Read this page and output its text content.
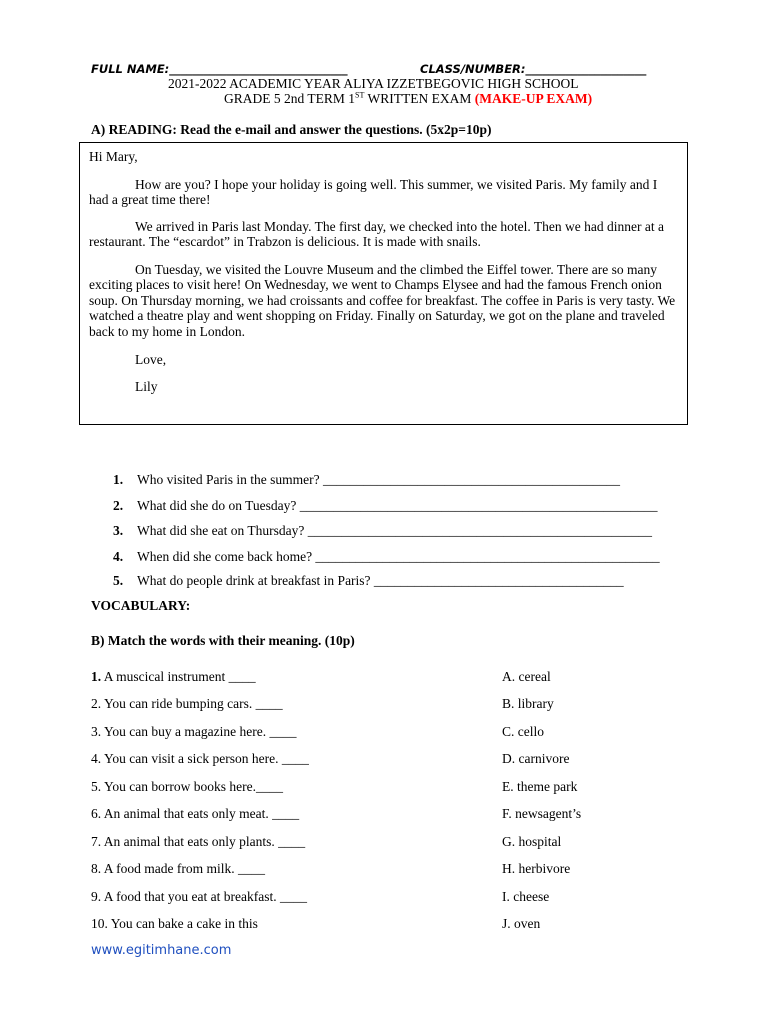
FULL NAME:_______________________________	CLASS/NUMBER:_____________________
2021-2022 ACADEMIC YEAR ALIYA IZZETBEGOVIC HIGH SCHOOL
GRADE 5 2nd TERM 1ST WRITTEN EXAM (MAKE-UP EXAM)
A) READING: Read the e-mail and answer the questions. (5x2p=10p)

Hi Mary,

How are you? I hope your holiday is going well. This summer, we visited Paris. My family and I had a great time there!

We arrived in Paris last Monday. The first day, we checked into the hotel. Then we had dinner at a restaurant. The “escardot” in Trabzon is delicious. It is made with snails.

On Tuesday, we visited the Louvre Museum and the climbed the Eiffel tower. There are so many exciting places to visit here! On Wednesday, we went to Champs Elysee and had the famous French onion soup. On Thursday morning, we had croissants and coffee for breakfast. The coffee in Paris is very tasty. We watched a theatre play and went shopping on Friday. Finally on Saturday, we got on the plane and traveled back to my home in London.

Love,

Lily

1. Who visited Paris in the summer? ____________________________________________
2. What did she do on Tuesday? _____________________________________________________
3. What did she eat on Thursday? ___________________________________________________
4. When did she come back home? ___________________________________________________
5. What do people drink at breakfast in Paris? _____________________________________
VOCABULARY:
B) Match the words with their meaning. (10p)
1. A muscical instrument ____
2. You can ride bumping cars. ____
3. You can buy a magazine here. ____
4. You can visit a sick person here. ____
5. You can borrow books here.____
6. An animal that eats only meat. ____
7. An animal that eats only plants. ____
8. A food made from milk. ____
9. A food that you eat at breakfast. ____
10. You can bake a cake in this
A. cereal
B. library
C. cello
D. carnivore
E. theme park
F. newsagent’s
G. hospital
H. herbivore
I. cheese
J. oven
www.egitimhane.com
